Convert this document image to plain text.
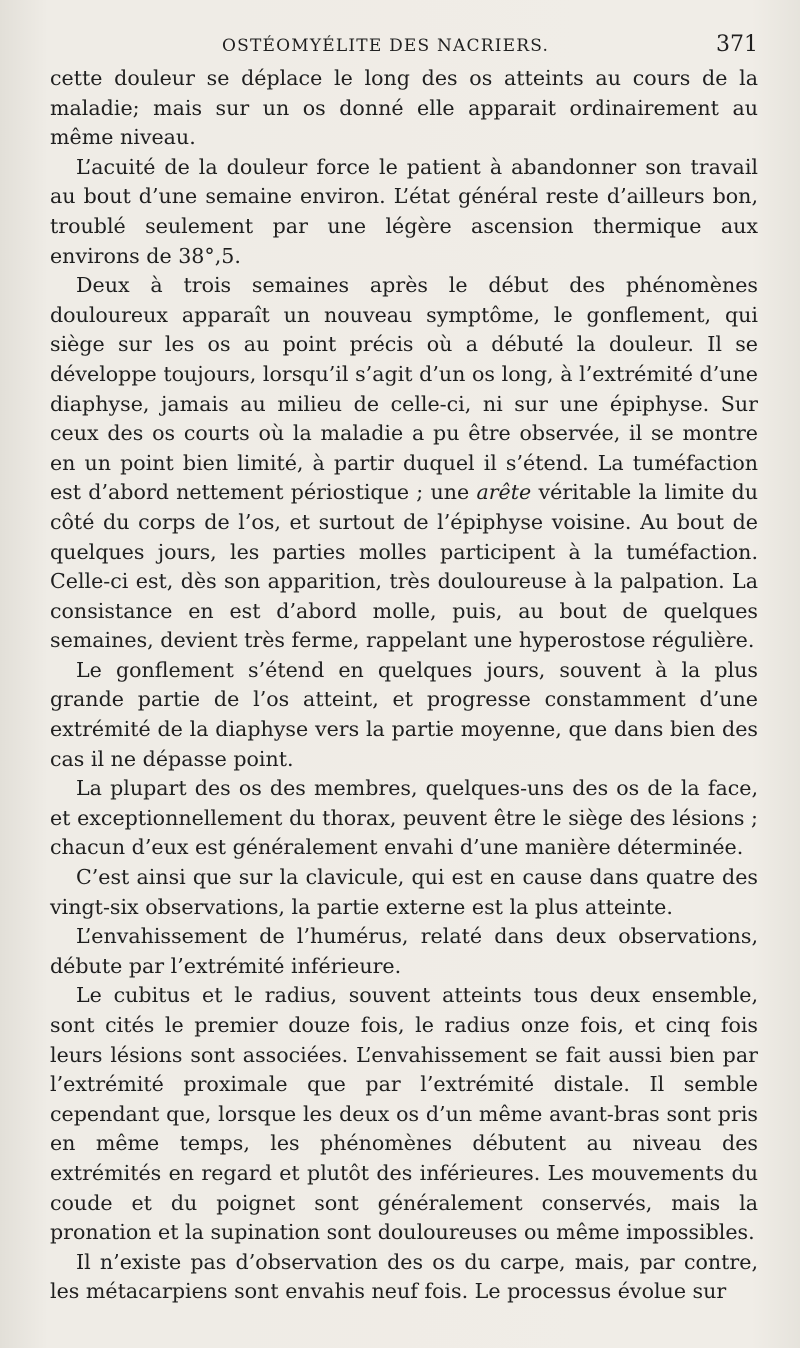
OSTÉOMYÉLITE DES NACRIERS.	371

cette douleur se déplace le long des os atteints au cours de la maladie; mais sur un os donné elle apparait ordinairement au même niveau.

L’acuité de la douleur force le patient à abandonner son travail au bout d’une semaine environ. L’état général reste d’ailleurs bon, troublé seulement par une légère ascension thermique aux environs de 38°,5.

Deux à trois semaines après le début des phénomènes douloureux apparaît un nouveau symptôme, le gonflement, qui siège sur les os au point précis où a débuté la douleur. Il se développe toujours, lorsqu’il s’agit d’un os long, à l’extrémité d’une diaphyse, jamais au milieu de celle-ci, ni sur une épiphyse. Sur ceux des os courts où la maladie a pu être observée, il se montre en un point bien limité, à partir duquel il s’étend. La tuméfaction est d’abord nettement périostique ; une arête véritable la limite du côté du corps de l’os, et surtout de l’épiphyse voisine. Au bout de quelques jours, les parties molles participent à la tuméfaction. Celle-ci est, dès son apparition, très douloureuse à la palpation. La consistance en est d’abord molle, puis, au bout de quelques semaines, devient très ferme, rappelant une hyperostose régulière.

Le gonflement s’étend en quelques jours, souvent à la plus grande partie de l’os atteint, et progresse constamment d’une extrémité de la diaphyse vers la partie moyenne, que dans bien des cas il ne dépasse point.

La plupart des os des membres, quelques-uns des os de la face, et exceptionnellement du thorax, peuvent être le siège des lésions ; chacun d’eux est généralement envahi d’une manière déterminée.

C’est ainsi que sur la clavicule, qui est en cause dans quatre des vingt-six observations, la partie externe est la plus atteinte.

L’envahissement de l’humérus, relaté dans deux observations, débute par l’extrémité inférieure.

Le cubitus et le radius, souvent atteints tous deux ensemble, sont cités le premier douze fois, le radius onze fois, et cinq fois leurs lésions sont associées. L’envahissement se fait aussi bien par l’extrémité proximale que par l’extrémité distale. Il semble cependant que, lorsque les deux os d’un même avant-bras sont pris en même temps, les phénomènes débutent au niveau des extrémités en regard et plutôt des inférieures. Les mouvements du coude et du poignet sont généralement conservés, mais la pronation et la supination sont douloureuses ou même impossibles.

Il n’existe pas d’observation des os du carpe, mais, par contre, les métacarpiens sont envahis neuf fois. Le processus évolue sur
